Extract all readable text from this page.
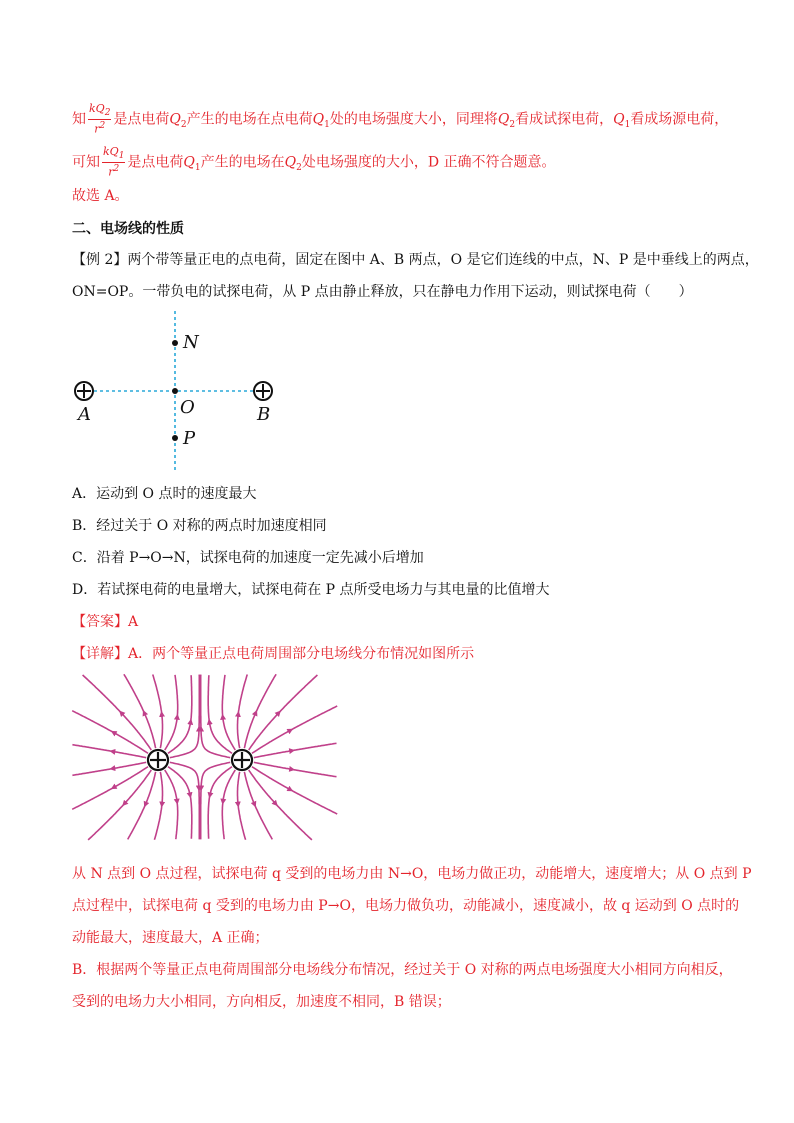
知 $\frac{kQ_2}{r^2}$ 是点电荷$Q_2$产生的电场在点电荷$Q_1$处的电场强度大小，同理将$Q_2$看成试探电荷，$Q_1$看成场源电荷，
可知 $\frac{kQ_1}{r^2}$ 是点电荷$Q_1$产生的电场在$Q_2$处电场强度的大小，D 正确不符合题意。
故选 A。
二、电场线的性质
【例 2】两个带等量正电的点电荷，固定在图中 A、B 两点，O 是它们连线的中点，N、P 是中垂线上的两点，
ON=OP。一带负电的试探电荷，从 P 点由静止释放，只在静电力作用下运动，则试探电荷（　　）
N
O
P
A	B
A．运动到 O 点时的速度最大
B．经过关于 O 对称的两点时加速度相同
C．沿着 P→O→N，试探电荷的加速度一定先减小后增加
D．若试探电荷的电量增大，试探电荷在 P 点所受电场力与其电量的比值增大
【答案】A
【详解】A．两个等量正点电荷周围部分电场线分布情况如图所示
从 N 点到 O 点过程，试探电荷 q 受到的电场力由 N→O，电场力做正功，动能增大，速度增大；从 O 点到 P
点过程中，试探电荷 q 受到的电场力由 P→O，电场力做负功，动能减小，速度减小，故 q 运动到 O 点时的
动能最大，速度最大，A 正确；
B．根据两个等量正点电荷周围部分电场线分布情况，经过关于 O 对称的两点电场强度大小相同方向相反，
受到的电场力大小相同，方向相反，加速度不相同，B 错误；
